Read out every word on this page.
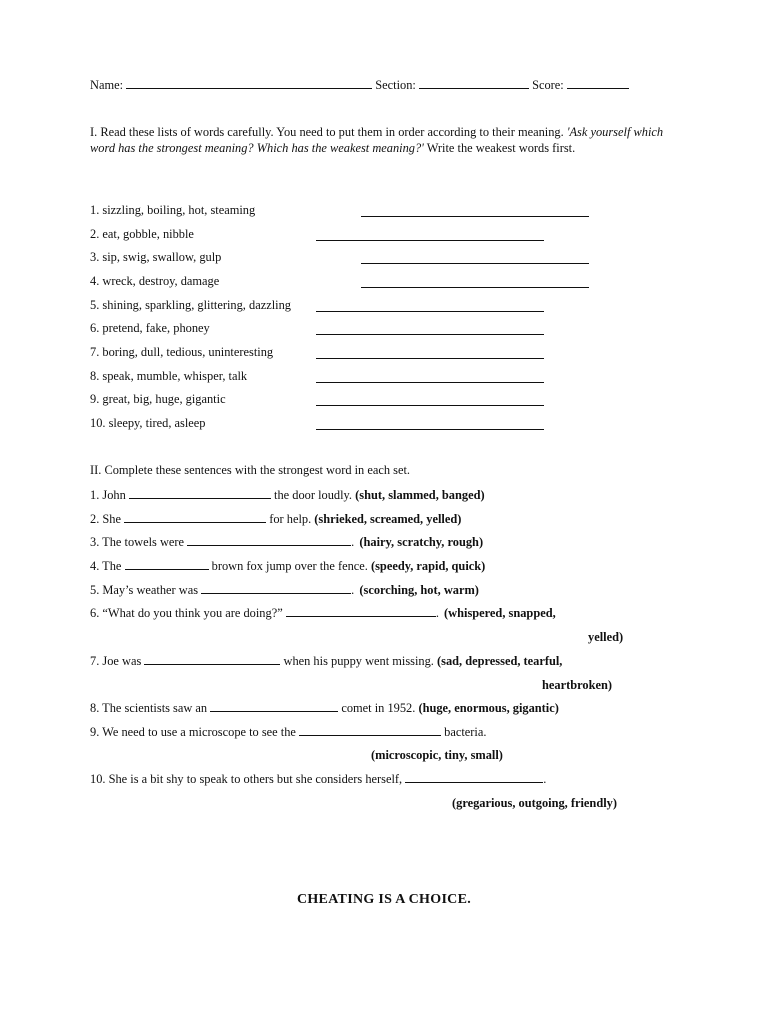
Name:	Section:	Score:
I. Read these lists of words carefully. You need to put them in order according to their meaning. 'Ask yourself which word has the strongest meaning? Which has the weakest meaning?' Write the weakest words first.
1. sizzling, boiling, hot, steaming
2. eat, gobble, nibble
3. sip, swig, swallow, gulp
4. wreck, destroy, damage
5. shining, sparkling, glittering, dazzling
6. pretend, fake, phoney
7. boring, dull, tedious, uninteresting
8. speak, mumble, whisper, talk
9. great, big, huge, gigantic
10. sleepy, tired, asleep
II. Complete these sentences with the strongest word in each set.
1. John	the door loudly. (shut, slammed, banged)
2. She	for help. (shrieked, screamed, yelled)
3. The towels were	. (hairy, scratchy, rough)
4. The	brown fox jump over the fence. (speedy, rapid, quick)
5. May’s weather was	. (scorching, hot, warm)
6. “What do you think you are doing?”	. (whispered, snapped,
yelled)
7. Joe was	when his puppy went missing. (sad, depressed, tearful,
heartbroken)
8. The scientists saw an	comet in 1952. (huge, enormous, gigantic)
9. We need to use a microscope to see the	bacteria.
(microscopic, tiny, small)
10. She is a bit shy to speak to others but she considers herself,	.
(gregarious, outgoing, friendly)
CHEATING IS A CHOICE.
